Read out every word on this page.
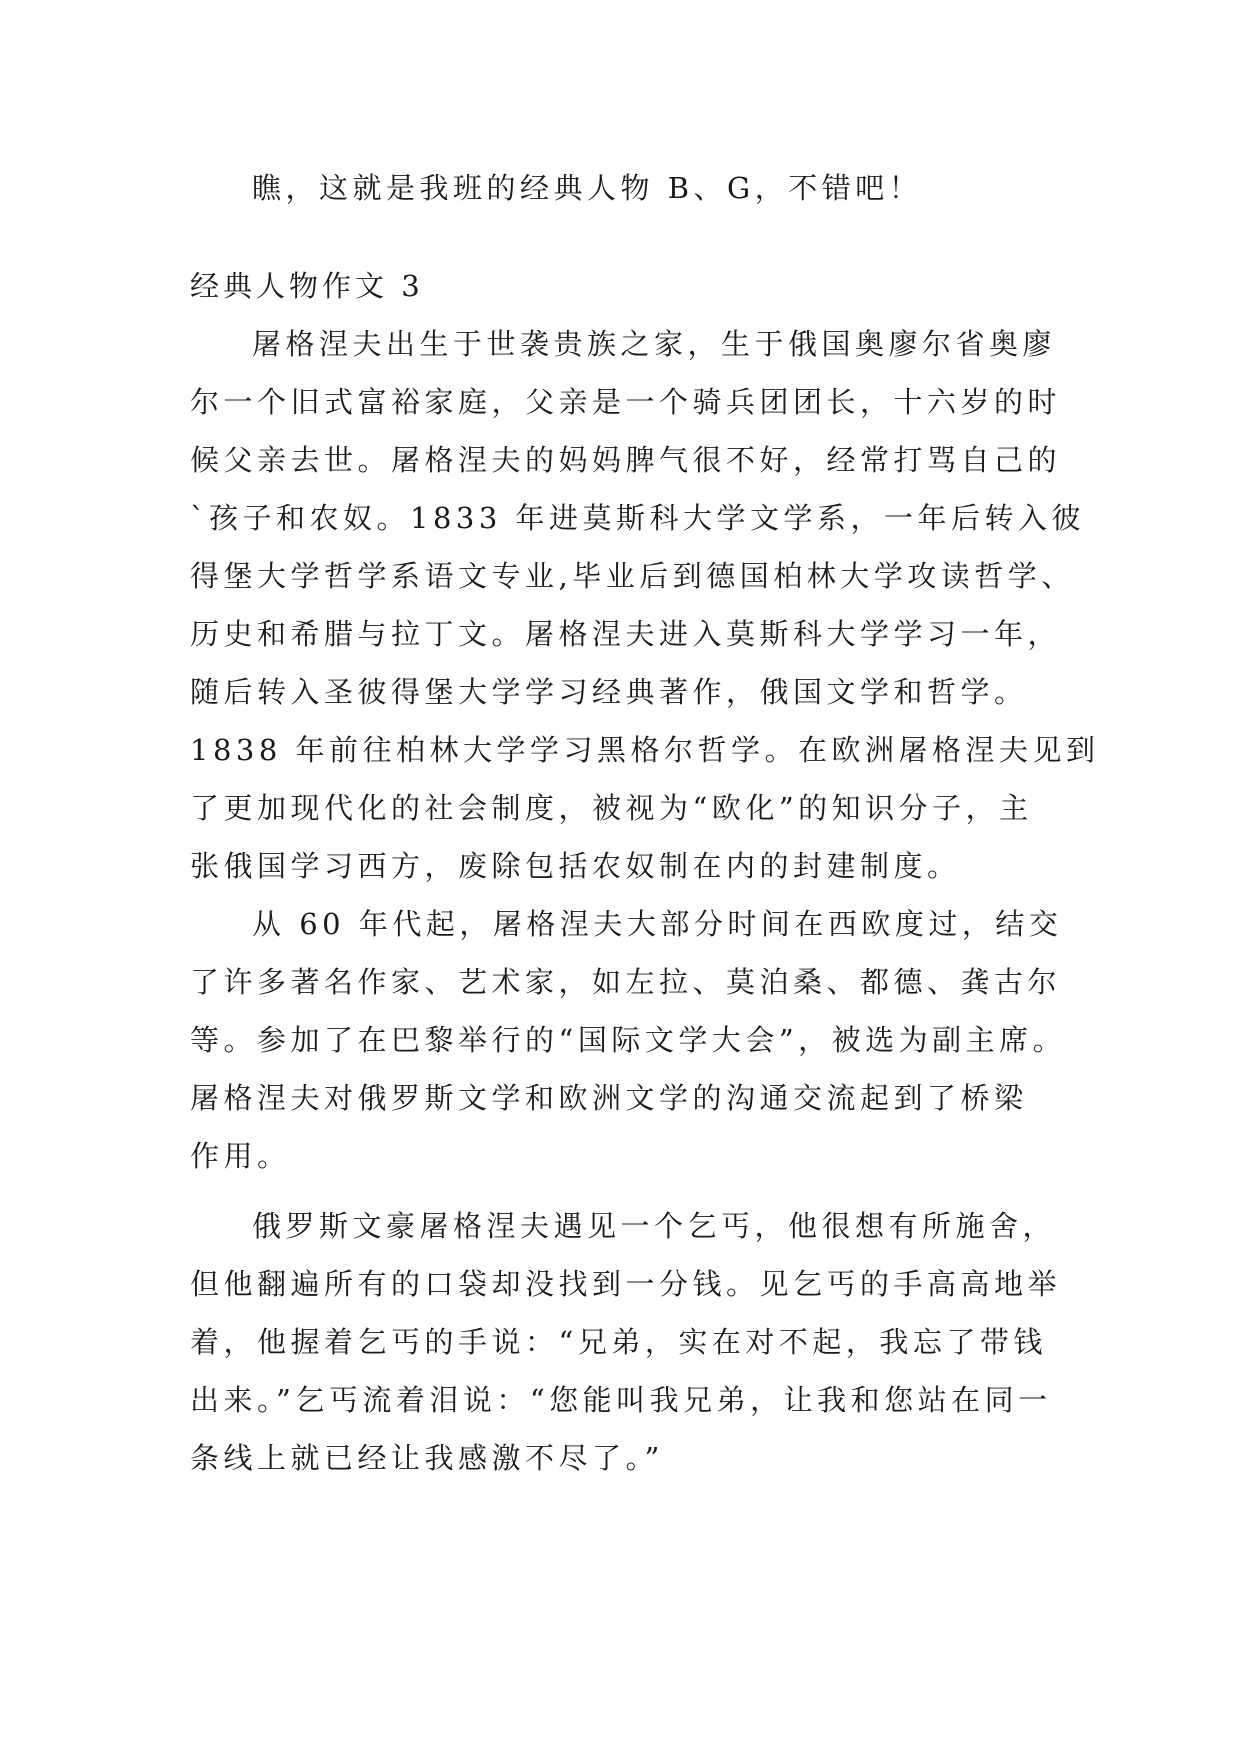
瞧，这就是我班的经典人物 B、G，不错吧！
经典人物作文 3
屠格涅夫出生于世袭贵族之家，生于俄国奥廖尔省奥廖
尔一个旧式富裕家庭，父亲是一个骑兵团团长，十六岁的时
候父亲去世。屠格涅夫的妈妈脾气很不好，经常打骂自己的
`孩子和农奴。1833 年进莫斯科大学文学系，一年后转入彼
得堡大学哲学系语文专业,毕业后到德国柏林大学攻读哲学、
历史和希腊与拉丁文。屠格涅夫进入莫斯科大学学习一年，
随后转入圣彼得堡大学学习经典著作，俄国文学和哲学。
1838 年前往柏林大学学习黑格尔哲学。在欧洲屠格涅夫见到
了更加现代化的社会制度，被视为“欧化”的知识分子，主
张俄国学习西方，废除包括农奴制在内的封建制度。
从 60 年代起，屠格涅夫大部分时间在西欧度过，结交
了许多著名作家、艺术家，如左拉、莫泊桑、都德、龚古尔
等。参加了在巴黎举行的“国际文学大会”，被选为副主席。
屠格涅夫对俄罗斯文学和欧洲文学的沟通交流起到了桥梁
作用。
俄罗斯文豪屠格涅夫遇见一个乞丐，他很想有所施舍，
但他翻遍所有的口袋却没找到一分钱。见乞丐的手高高地举
着，他握着乞丐的手说：“兄弟，实在对不起，我忘了带钱
出来。”乞丐流着泪说：“您能叫我兄弟，让我和您站在同一
条线上就已经让我感激不尽了。”
